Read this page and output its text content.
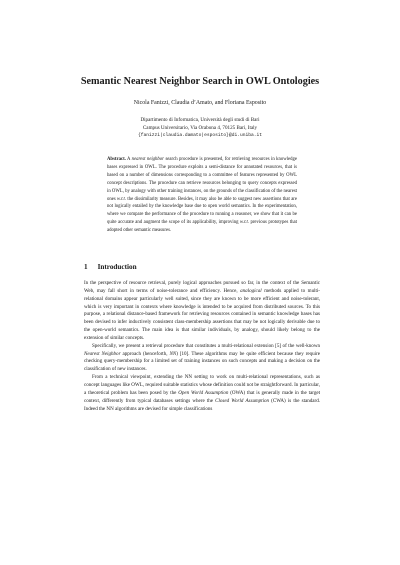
Semantic Nearest Neighbor Search in OWL Ontologies
Nicola Fanizzi, Claudia d’Amato, and Floriana Esposito
Dipartimento di Informatica, Università degli studi di Bari
Campus Universitario, Via Orabona 4, 70125 Bari, Italy
{fanizzi|claudia.damato|esposito}@di.uniba.it
Abstract. A nearest neighbor search procedure is presented, for retrieving resources in knowledge bases expressed in OWL. The procedure exploits a semi-distance for annotated resources, that is based on a number of dimensions corresponding to a committee of features represented by OWL concept descriptions. The procedure can retrieve resources belonging to query concepts expressed in OWL, by analogy with other training instances, on the grounds of the classification of the nearest ones w.r.t. the dissimilarity measure. Besides, it may also be able to suggest new assertions that are not logically entailed by the knowledge base due to open world semantics. In the experimentation, where we compare the performance of the procedure to running a reasoner, we show that it can be quite accurate and augment the scope of its applicability, improving w.r.t. previous prototypes that adopted other semantic measures.
1 Introduction

In the perspective of resource retrieval, purely logical approaches pursued so far, in the context of the Semantic Web, may fall short in terms of noise-tolerance and efficiency. Hence, analogical methods applied to multi-relational domains appear particularly well suited, since they are known to be more efficient and noise-tolerant, which is very important in contexts where knowledge is intended to be acquired from distributed sources. To this purpose, a relational distance-based framework for retrieving resources contained in semantic knowledge bases has been devised to infer inductively consistent class-membership assertions that may be not logically derivable due to the open-world semantics. The main idea is that similar individuals, by analogy, should likely belong to the extension of similar concepts.

Specifically, we present a retrieval procedure that constitutes a multi-relational extension [5] of the well-known Nearest Neighbor approach (henceforth, NN) [10]. These algorithms may be quite efficient because they require checking query-membership for a limited set of training instances on such concepts and making a decision on the classification of new instances.

From a technical viewpoint, extending the NN setting to work on multi-relational representations, such as concept languages like OWL, required suitable statistics whose definition could not be straightforward. In particular, a theoretical problem has been posed by the Open World Assumption (OWA) that is generally made in the target context, differently from typical databases settings where the Closed World Assumption (CWA) is the standard. Indeed the NN algorithms are devised for simple classifications
